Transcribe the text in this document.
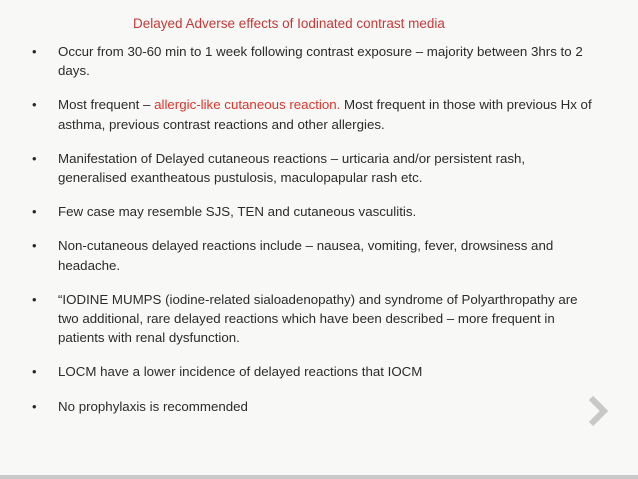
Delayed Adverse effects of Iodinated contrast media
• Occur from 30-60 min to 1 week following contrast exposure – majority between 3hrs to 2 days.
• Most frequent – allergic-like cutaneous reaction. Most frequent in those with previous Hx of asthma, previous contrast reactions and other allergies.
• Manifestation of Delayed cutaneous reactions – urticaria and/or persistent rash, generalised exantheatous pustulosis, maculopapular rash etc.
• Few case may resemble SJS, TEN and cutaneous vasculitis.
• Non-cutaneous delayed reactions include – nausea, vomiting, fever, drowsiness and headache.
• “IODINE MUMPS (iodine-related sialoadenopathy) and syndrome of Polyarthropathy are two additional, rare delayed reactions which have been described – more frequent in patients with renal dysfunction.
• LOCM have a lower incidence of delayed reactions that IOCM
• No prophylaxis is recommended
